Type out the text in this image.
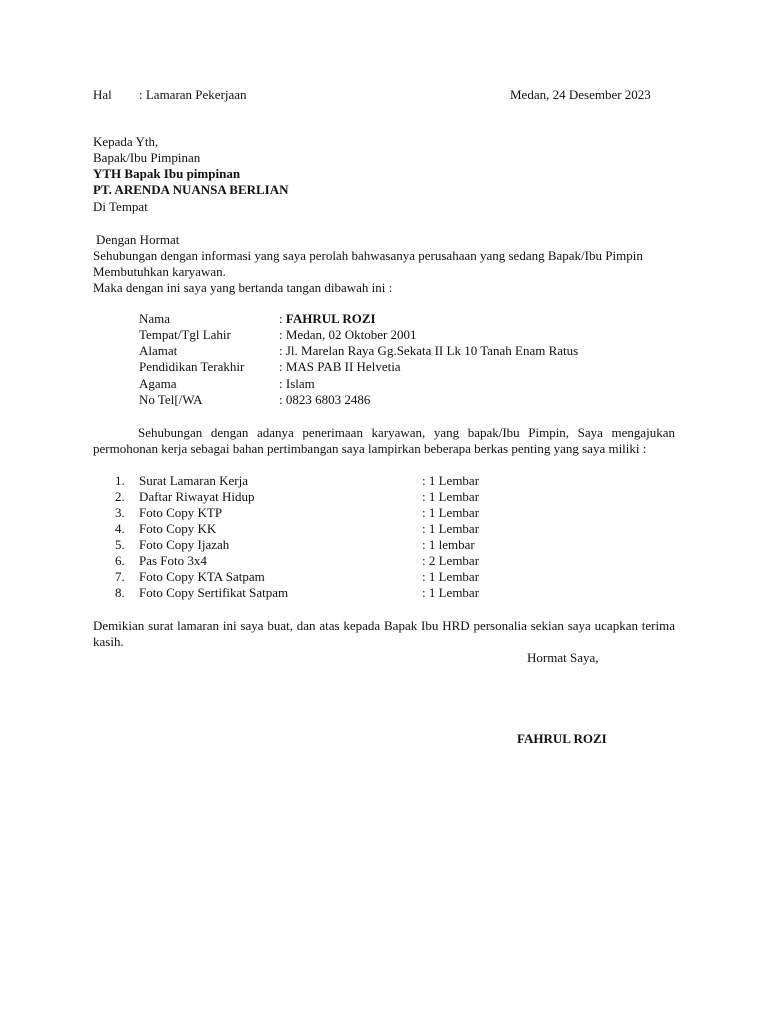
Hal : Lamaran Pekerjaan	Medan, 24 Desember 2023
Kepada Yth,
Bapak/Ibu Pimpinan
YTH Bapak Ibu pimpinan
PT. ARENDA NUANSA BERLIAN
Di Tempat
Dengan Hormat
Sehubungan dengan informasi yang saya perolah bahwasanya perusahaan yang sedang Bapak/Ibu Pimpin
Membutuhkan karyawan.
Maka dengan ini saya yang bertanda tangan dibawah ini :
Nama	: FAHRUL ROZI
Tempat/Tgl Lahir	: Medan, 02 Oktober 2001
Alamat	: Jl. Marelan Raya Gg.Sekata II Lk 10 Tanah Enam Ratus
Pendidikan Terakhir	: MAS PAB II Helvetia
Agama	: Islam
No Tel[/WA	: 0823 6803 2486
Sehubungan dengan adanya penerimaan karyawan, yang bapak/Ibu Pimpin, Saya mengajukan permohonan kerja sebagai bahan pertimbangan saya lampirkan beberapa berkas penting yang saya miliki :
1. Surat Lamaran Kerja	: 1 Lembar
2. Daftar Riwayat Hidup	: 1 Lembar
3. Foto Copy KTP	: 1 Lembar
4. Foto Copy KK	: 1 Lembar
5. Foto Copy Ijazah	: 1 lembar
6. Pas Foto 3x4	: 2 Lembar
7. Foto Copy KTA Satpam	: 1 Lembar
8. Foto Copy Sertifikat Satpam	: 1 Lembar
Demikian surat lamaran ini saya buat, dan atas kepada Bapak Ibu HRD personalia sekian saya ucapkan terima kasih.
Hormat Saya,
FAHRUL ROZI
